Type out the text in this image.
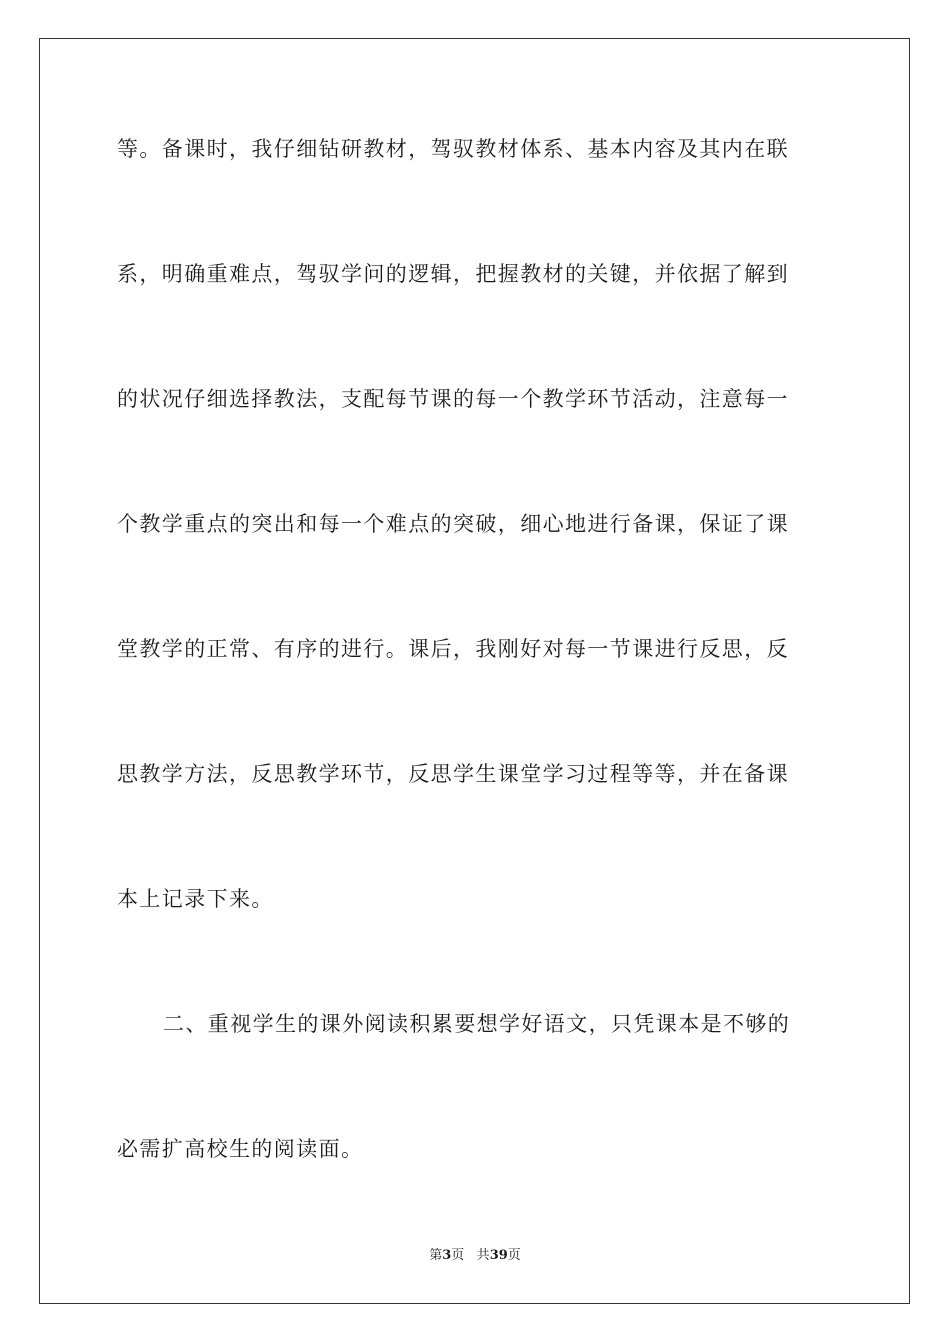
等。备课时，我仔细钻研教材，驾驭教材体系、基本内容及其内在联
系，明确重难点，驾驭学问的逻辑，把握教材的关键，并依据了解到
的状况仔细选择教法，支配每节课的每一个教学环节活动，注意每一
个教学重点的突出和每一个难点的突破，细心地进行备课，保证了课
堂教学的正常、有序的进行。课后，我刚好对每一节课进行反思，反
思教学方法，反思教学环节，反思学生课堂学习过程等等，并在备课
本上记录下来。
二、重视学生的课外阅读积累要想学好语文，只凭课本是不够的
必需扩高校生的阅读面。
第3页 共39页
